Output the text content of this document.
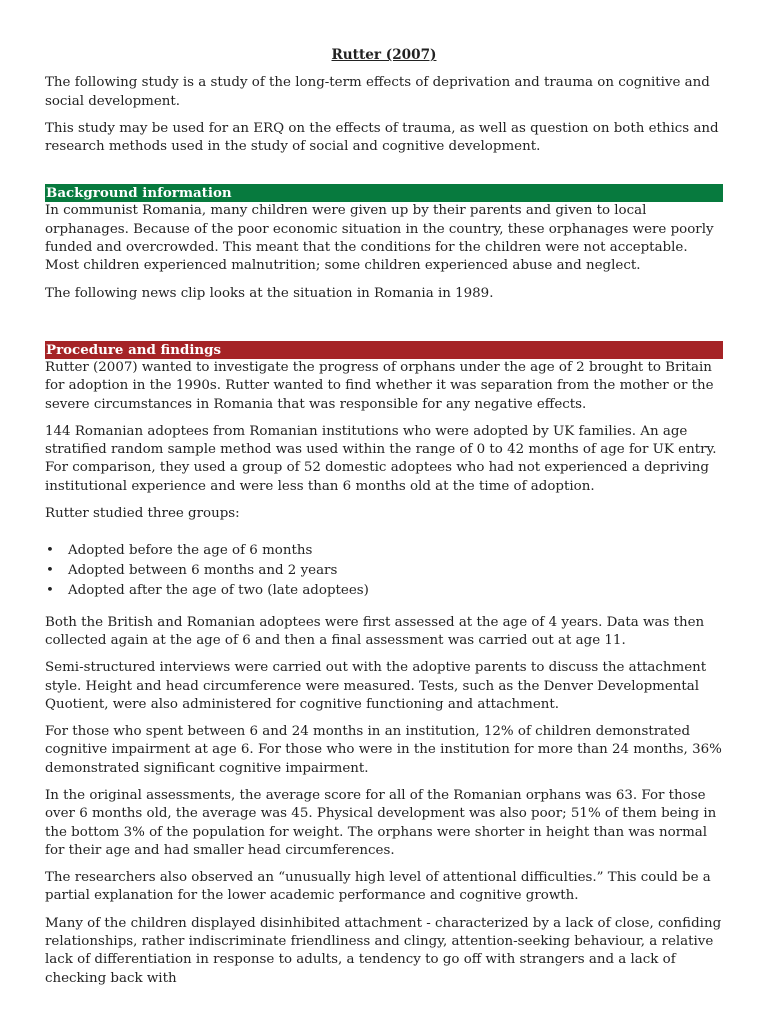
Rutter (2007)

The following study is a study of the long-term effects of deprivation and trauma on cognitive and social development.

This study may be used for an ERQ on the effects of trauma, as well as question on both ethics and research methods used in the study of social and cognitive development.

Background information

In communist Romania, many children were given up by their parents and given to local orphanages. Because of the poor economic situation in the country, these orphanages were poorly funded and overcrowded. This meant that the conditions for the children were not acceptable. Most children experienced malnutrition; some children experienced abuse and neglect.

The following news clip looks at the situation in Romania in 1989.

Procedure and findings

Rutter (2007) wanted to investigate the progress of orphans under the age of 2 brought to Britain for adoption in the 1990s. Rutter wanted to find whether it was separation from the mother or the severe circumstances in Romania that was responsible for any negative effects.

144 Romanian adoptees from Romanian institutions who were adopted by UK families. An age stratified random sample method was used within the range of 0 to 42 months of age for UK entry. For comparison, they used a group of 52 domestic adoptees who had not experienced a depriving institutional experience and were less than 6 months old at the time of adoption.

Rutter studied three groups:

• Adopted before the age of 6 months
• Adopted between 6 months and 2 years
• Adopted after the age of two (late adoptees)

Both the British and Romanian adoptees were first assessed at the age of 4 years. Data was then collected again at the age of 6 and then a final assessment was carried out at age 11.

Semi-structured interviews were carried out with the adoptive parents to discuss the attachment style. Height and head circumference were measured. Tests, such as the Denver Developmental Quotient, were also administered for cognitive functioning and attachment.

For those who spent between 6 and 24 months in an institution, 12% of children demonstrated cognitive impairment at age 6. For those who were in the institution for more than 24 months, 36% demonstrated significant cognitive impairment.

In the original assessments, the average score for all of the Romanian orphans was 63. For those over 6 months old, the average was 45. Physical development was also poor; 51% of them being in the bottom 3% of the population for weight. The orphans were shorter in height than was normal for their age and had smaller head circumferences.

The researchers also observed an “unusually high level of attentional difficulties.” This could be a partial explanation for the lower academic performance and cognitive growth.

Many of the children displayed disinhibited attachment - characterized by a lack of close, confiding relationships, rather indiscriminate friendliness and clingy, attention-seeking behaviour, a relative lack of differentiation in response to adults, a tendency to go off with strangers and a lack of checking back with
